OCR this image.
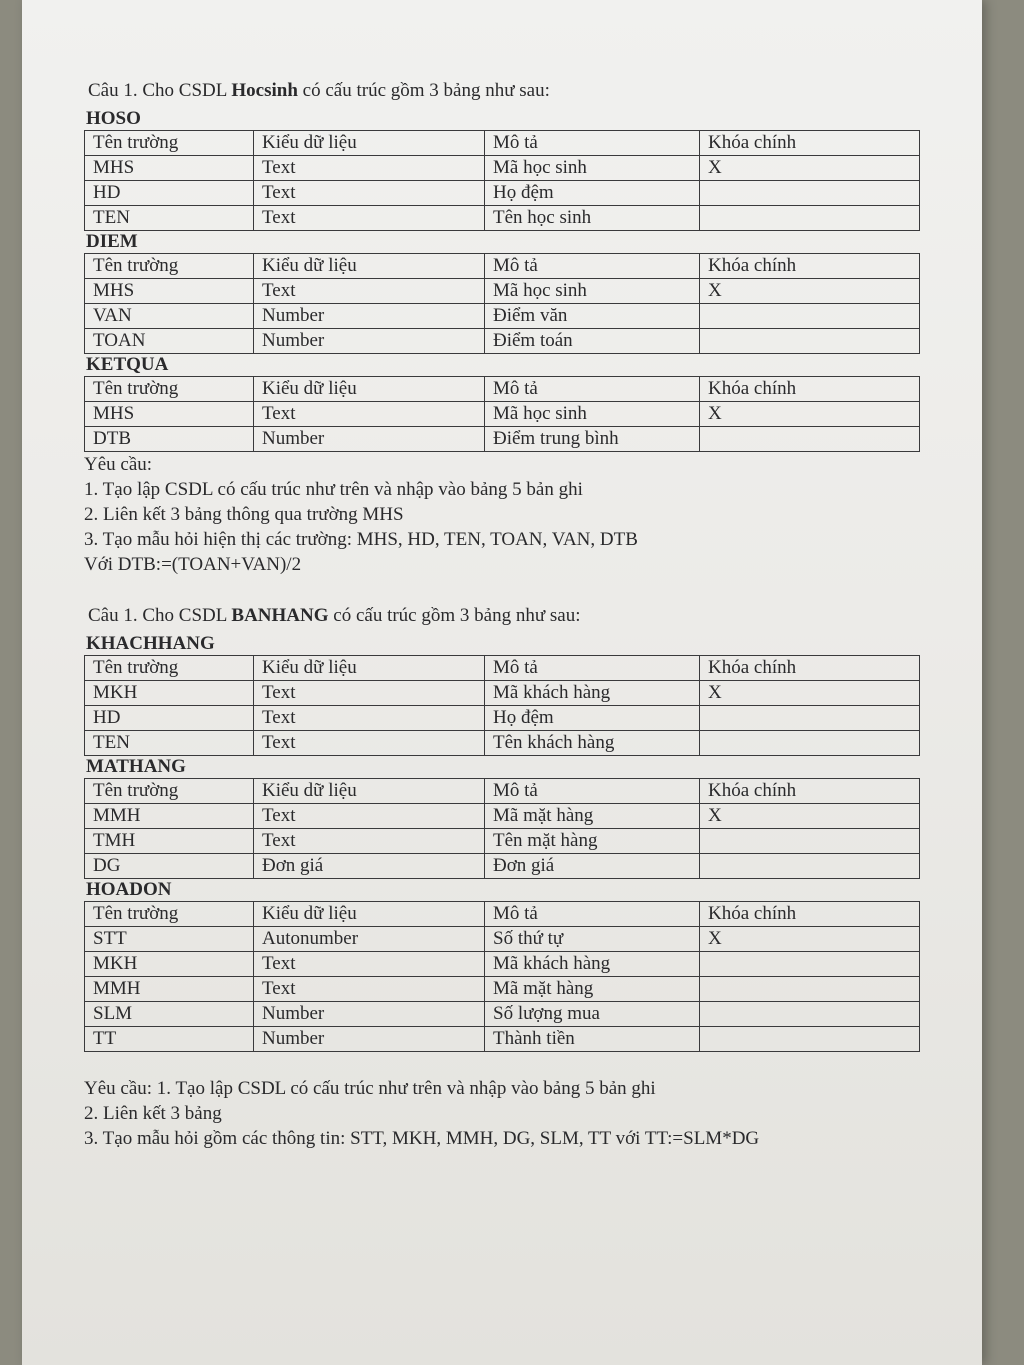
Câu 1. Cho CSDL Hocsinh có cấu trúc gồm 3 bảng như sau:
HOSO
Tên trường	Kiểu dữ liệu	Mô tả	Khóa chính
MHS	Text	Mã học sinh	X
HD	Text	Họ đệm	
TEN	Text	Tên học sinh	
DIEM
Tên trường	Kiểu dữ liệu	Mô tả	Khóa chính
MHS	Text	Mã học sinh	X
VAN	Number	Điểm văn	
TOAN	Number	Điểm toán	
KETQUA
Tên trường	Kiểu dữ liệu	Mô tả	Khóa chính
MHS	Text	Mã học sinh	X
DTB	Number	Điểm trung bình	
Yêu cầu:
1. Tạo lập CSDL có cấu trúc như trên và nhập vào bảng 5 bản ghi
2. Liên kết 3 bảng thông qua trường MHS
3. Tạo mẫu hỏi hiện thị các trường: MHS, HD, TEN, TOAN, VAN, DTB
Với DTB:=(TOAN+VAN)/2
Câu 1. Cho CSDL BANHANG có cấu trúc gồm 3 bảng như sau:
KHACHHANG
Tên trường	Kiểu dữ liệu	Mô tả	Khóa chính
MKH	Text	Mã khách hàng	X
HD	Text	Họ đệm	
TEN	Text	Tên khách hàng	
MATHANG
Tên trường	Kiểu dữ liệu	Mô tả	Khóa chính
MMH	Text	Mã mặt hàng	X
TMH	Text	Tên mặt hàng	
DG	Đơn giá	Đơn giá	
HOADON
Tên trường	Kiểu dữ liệu	Mô tả	Khóa chính
STT	Autonumber	Số thứ tự	X
MKH	Text	Mã khách hàng	
MMH	Text	Mã mặt hàng	
SLM	Number	Số lượng mua	
TT	Number	Thành tiền	
Yêu cầu: 1. Tạo lập CSDL có cấu trúc như trên và nhập vào bảng 5 bản ghi
2. Liên kết 3 bảng
3. Tạo mẫu hỏi gồm các thông tin: STT, MKH, MMH, DG, SLM, TT với TT:=SLM*DG
